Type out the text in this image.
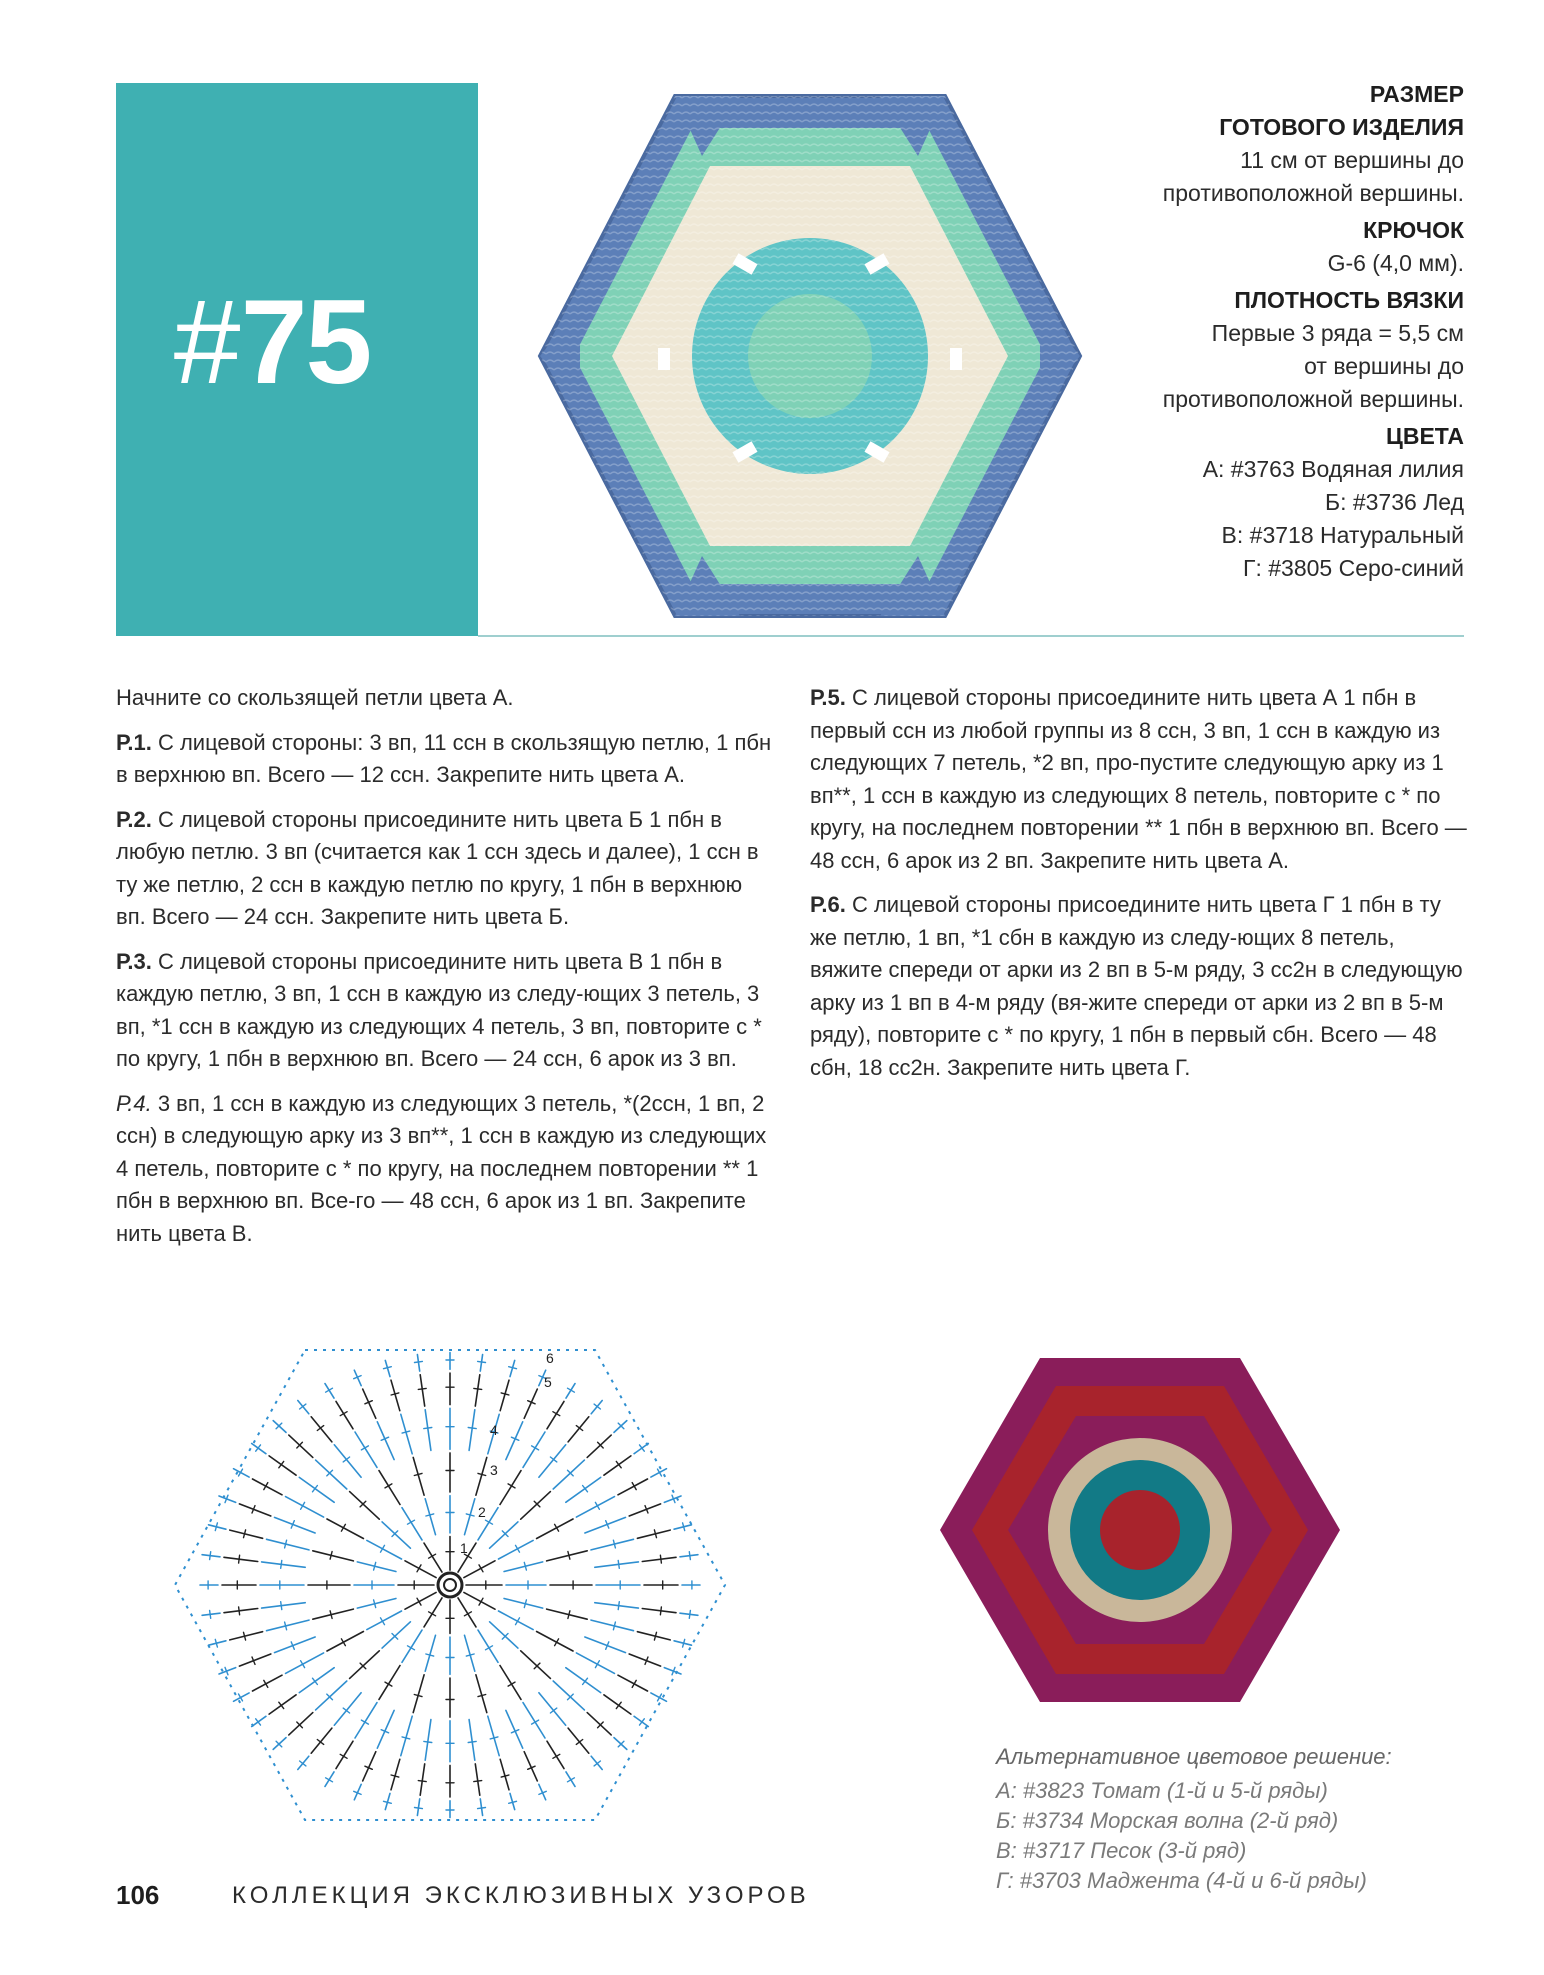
#75
РАЗМЕР
ГОТОВОГО ИЗДЕЛИЯ
11 см от вершины до
противоположной вершины.
КРЮЧОК
G-6 (4,0 мм).
ПЛОТНОСТЬ ВЯЗКИ
Первые 3 ряда = 5,5 см
от вершины до
противоположной вершины.
ЦВЕТА
А: #3763 Водяная лилия
Б: #3736 Лед
В: #3718 Натуральный
Г: #3805 Серо-синий

Начните со скользящей петли цвета А.

Р.1. С лицевой стороны: 3 вп, 11 ссн в скользящую петлю, 1 пбн в верхнюю вп. Всего — 12 ссн. Закрепите нить цвета А.

Р.2. С лицевой стороны присоедините нить цвета Б 1 пбн в любую петлю. 3 вп (считается как 1 ссн здесь и далее), 1 ссн в ту же петлю, 2 ссн в каждую петлю по кругу, 1 пбн в верхнюю вп. Всего — 24 ссн. Закрепите нить цвета Б.

Р.3. С лицевой стороны присоедините нить цвета В 1 пбн в каждую петлю, 3 вп, 1 ссн в каждую из следу-ющих 3 петель, 3 вп, *1 ссн в каждую из следующих 4 петель, 3 вп, повторите с * по кругу, 1 пбн в верхнюю вп. Всего — 24 ссн, 6 арок из 3 вп.

Р.4. 3 вп, 1 ссн в каждую из следующих 3 петель, *(2ссн, 1 вп, 2 ссн) в следующую арку из 3 вп**, 1 ссн в каждую из следующих 4 петель, повторите с * по кругу, на последнем повторении ** 1 пбн в верхнюю вп. Все-го — 48 ссн, 6 арок из 1 вп. Закрепите нить цвета В.

Р.5. С лицевой стороны присоедините нить цвета А 1 пбн в первый ссн из любой группы из 8 ссн, 3 вп, 1 ссн в каждую из следующих 7 петель, *2 вп, про-пустите следующую арку из 1 вп**, 1 ссн в каждую из следующих 8 петель, повторите с * по кругу, на последнем повторении ** 1 пбн в верхнюю вп. Всего — 48 ссн, 6 арок из 2 вп. Закрепите нить цвета А.

Р.6. С лицевой стороны присоедините нить цвета Г 1 пбн в ту же петлю, 1 вп, *1 сбн в каждую из следу-ющих 8 петель, вяжите спереди от арки из 2 вп в 5-м ряду, 3 сс2н в следующую арку из 1 вп в 4-м ряду (вя-жите спереди от арки из 2 вп в 5-м ряду), повторите с * по кругу, 1 пбн в первый сбн. Всего — 48 сбн, 18 сс2н. Закрепите нить цвета Г.

1
2
3
4
5
6
Альтернативное цветовое решение:
А: #3823 Томат (1-й и 5-й ряды)
Б: #3734 Морская волна (2-й ряд)
В: #3717 Песок (3-й ряд)
Г: #3703 Маджента (4-й и 6-й ряды)
106	КОЛЛЕКЦИЯ ЭКСКЛЮЗИВНЫХ УЗОРОВ
